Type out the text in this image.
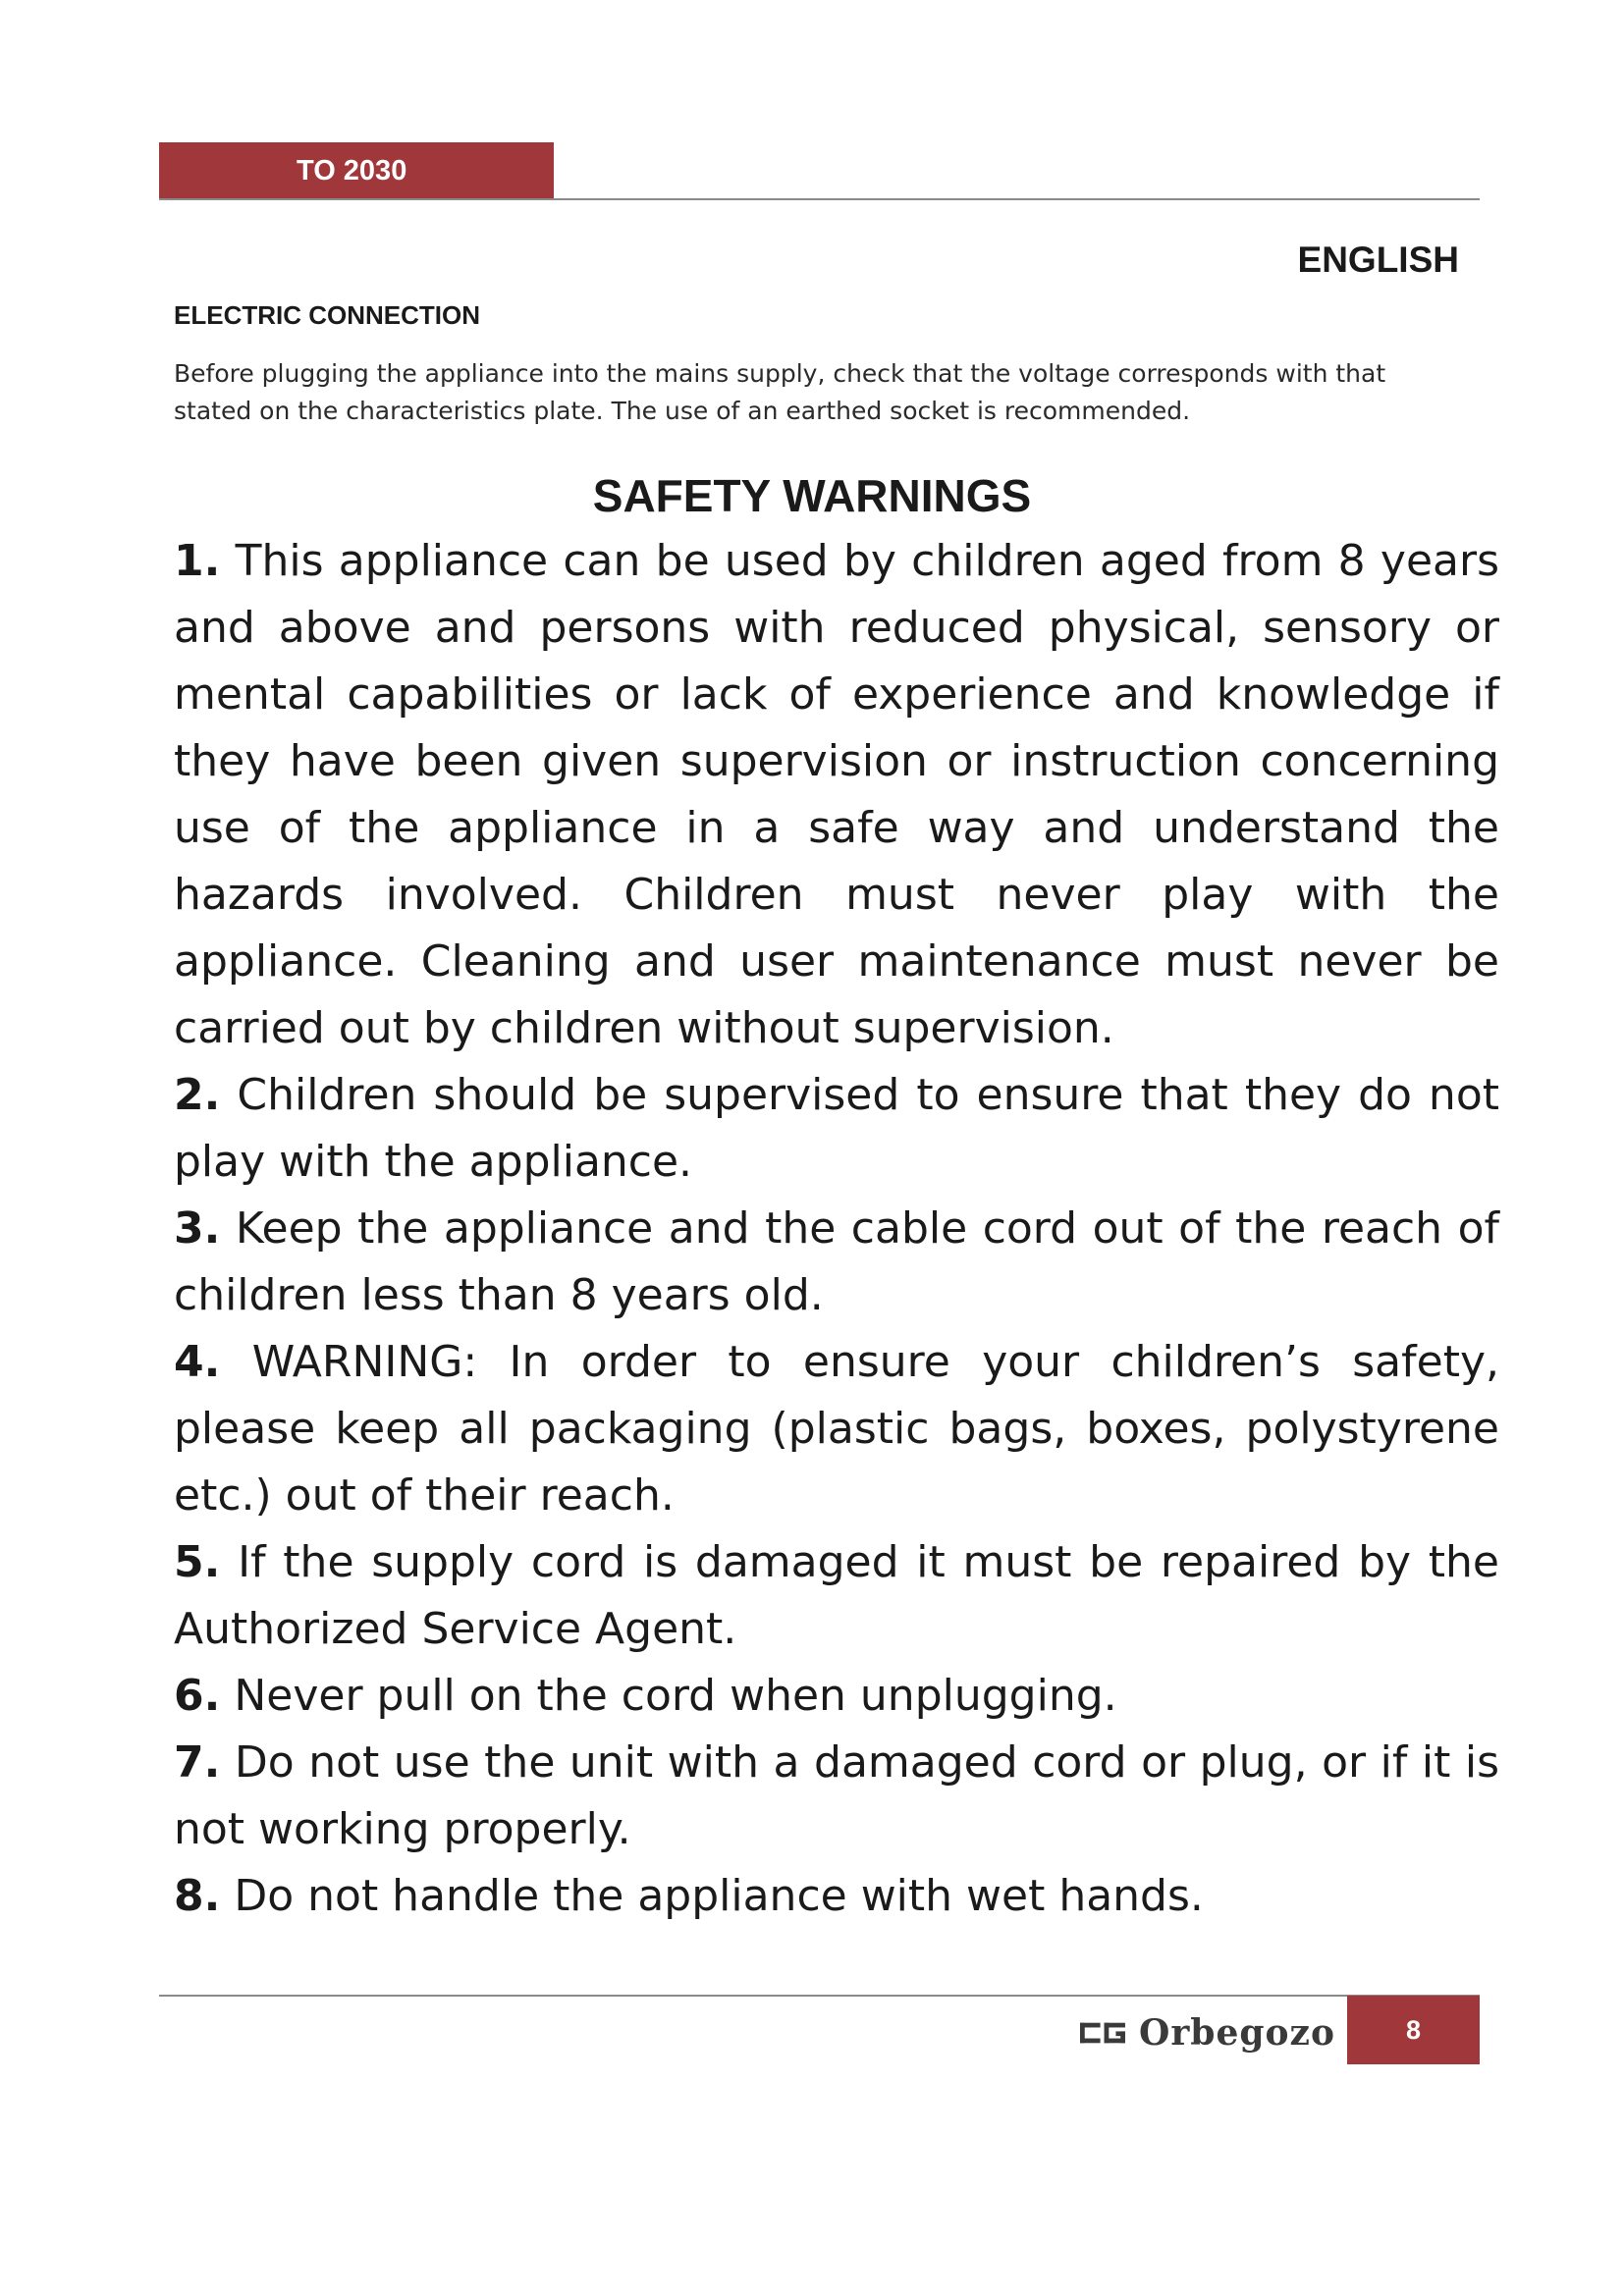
TO 2030
ENGLISH
ELECTRIC CONNECTION
Before plugging the appliance into the mains supply, check that the voltage corresponds with that stated on the characteristics plate. The use of an earthed socket is recommended.
SAFETY WARNINGS

1. This appliance can be used by children aged from 8 years and above and persons with reduced physical, sensory or mental capabilities or lack of experience and knowledge if they have been given supervision or instruction concerning use of the appliance in a safe way and understand the hazards involved. Children must never play with the appliance. Cleaning and user maintenance must never be carried out by children without supervision.

2. Children should be supervised to ensure that they do not play with the appliance.

3. Keep the appliance and the cable cord out of the reach of children less than 8 years old.

4. WARNING: In order to ensure your children’s safety, please keep all packaging (plastic bags, boxes, polystyrene etc.) out of their reach.

5. If the supply cord is damaged it must be repaired by the Authorized Service Agent.

6. Never pull on the cord when unplugging.

7. Do not use the unit with a damaged cord or plug, or if it is not working properly.

8. Do not handle the appliance with wet hands.

Orbegozo	8
